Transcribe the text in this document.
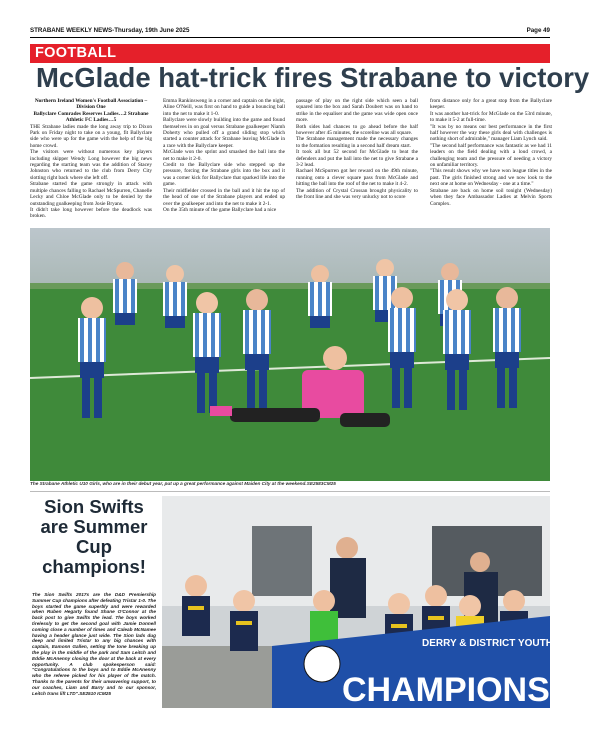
STRABANE WEEKLY NEWS-Thursday, 19th June 2025	Page 49
FOOTBALL
McGlade hat-trick fires Strabane to victory

Northern Ireland Women's Football Association – Division One

Ballyclare Comrades Reserves Ladies…2 Strabane Athletic FC Ladies…5

THE Strabane ladies made the long away trip to Dixon Park on Friday night to take on a young, fit Ballyclare side who were up for the game with the help of the big home crowd.

The visitors were without numerous key players including skipper Wendy Long however the big news regarding the starting team was the addition of Stacey Johnston who returned to the club from Derry City slotting right back where she left off.

Strabane started the game strongly in attack with multiple chances falling to Rachael McSpurren, Chanelle Lecky and Chloe McGlade only to be denied by the outstanding goalkeeping from Josie Bryans.

It didn't take long however before the deadlock was broken.

Emma Rankinsweng in a corner and captain on the night, Aline O'Neill, was first on hand to guide a bouncing ball into the net to make it 1-0.

Ballyclare were slowly building into the game and found themselves in on goal versus Strabane goalkeeper Niamh Doherty who pulled off a grand sliding stop which started a counter attack for Strabane leaving McGlade in a race with the Ballyclare keeper.

McGlade won the sprint and smashed the ball into the net to make it 2-0.

Credit to the Ballyclare side who stepped up the pressure, forcing the Strabane girls into the box and it was a corner kick for Ballyclare that sparked life into the game.

Their midfielder crossed in the ball and it hit the top of the head of one of the Strabane players and ended up over the goalkeeper and into the net to make it 2-1.

On the 35th minute of the game Ballyclare had a nice

passage of play on the right side which seen a ball squared into the box and Sarah Doubert was on hand to strike in the equaliser and the game was wide open once more.

Both sides had chances to go ahead before the half however after 45 minutes, the scoreline was all square.

The Strabane management made the necessary changes to the formation resulting in a second half dream start.

It took all but 52 second for McGlade to beat the defenders and put the ball into the net to give Strabane a 3-2 lead.

Rachael McSpurren got her reward on the 49th minute, running onto a clever square pass from McGlade and hitting the ball into the roof of the net to make it 4-2.

The addition of Crystal Crossan brought physicality to the front line and she was very unlucky not to score

from distance only for a great stop from the Ballyclare keeper.

It was another hat-trick for McGlade on the 53rd minute, to make it 5-2 at full-time.

"It was by no means our best performance in the first half however the way these girls deal with challenges is nothing short of admirable," manager Liam Lynch said.

"The second half performance was fantastic as we had 11 leaders on the field dealing with a loud crowd, a challenging team and the pressure of needing a victory on unfamiliar territory.

"This result shows why we have won league titles in the past. The girls finished strong and we now look to the next one at home on Wednesday - one at a time."

Strabane are back on home soil tonight (Wednesday) when they face Ambassador Ladies at Melvin Sports Complex.

The Strabane Athletic U10 Girls, who are in their debut year, put up a great performance against Maiden City at the weekend.SE2583CM25
Sion Swifts
are Summer
Cup
champions!
The Sion Swifts 2017s are the D&D Premiership Summer Cup champions after defeating Tristar 1-0. The boys started the game superbly and were rewarded when Ruben Hegarty found Shane O'Connor at the back post to give Swifts the lead. The boys worked tirelessly to get the second goal with Jamie Donnell coming close a number of times and Caleab McNamee having a header glance just wide. The Sion lads dug deep and limited Tristar to any big chances with captain, Eamonn Gallen, setting the tone breaking up the play in the middle of the park and Sam Leitch and Eddie McAnenny closing the door at the back at every opportunity. A club spokesperson said: "Congratulations to the boys and to Eddie McAnenny who the referee picked for his player of the match. Thanks to the parents for their unwavering support, to our coaches, Liam and Barry and to our sponsor, Leitch trans lift LTD".SE2510 ICM25
DERRY & DISTRICT YOUTH FA
CHAMPIONS
